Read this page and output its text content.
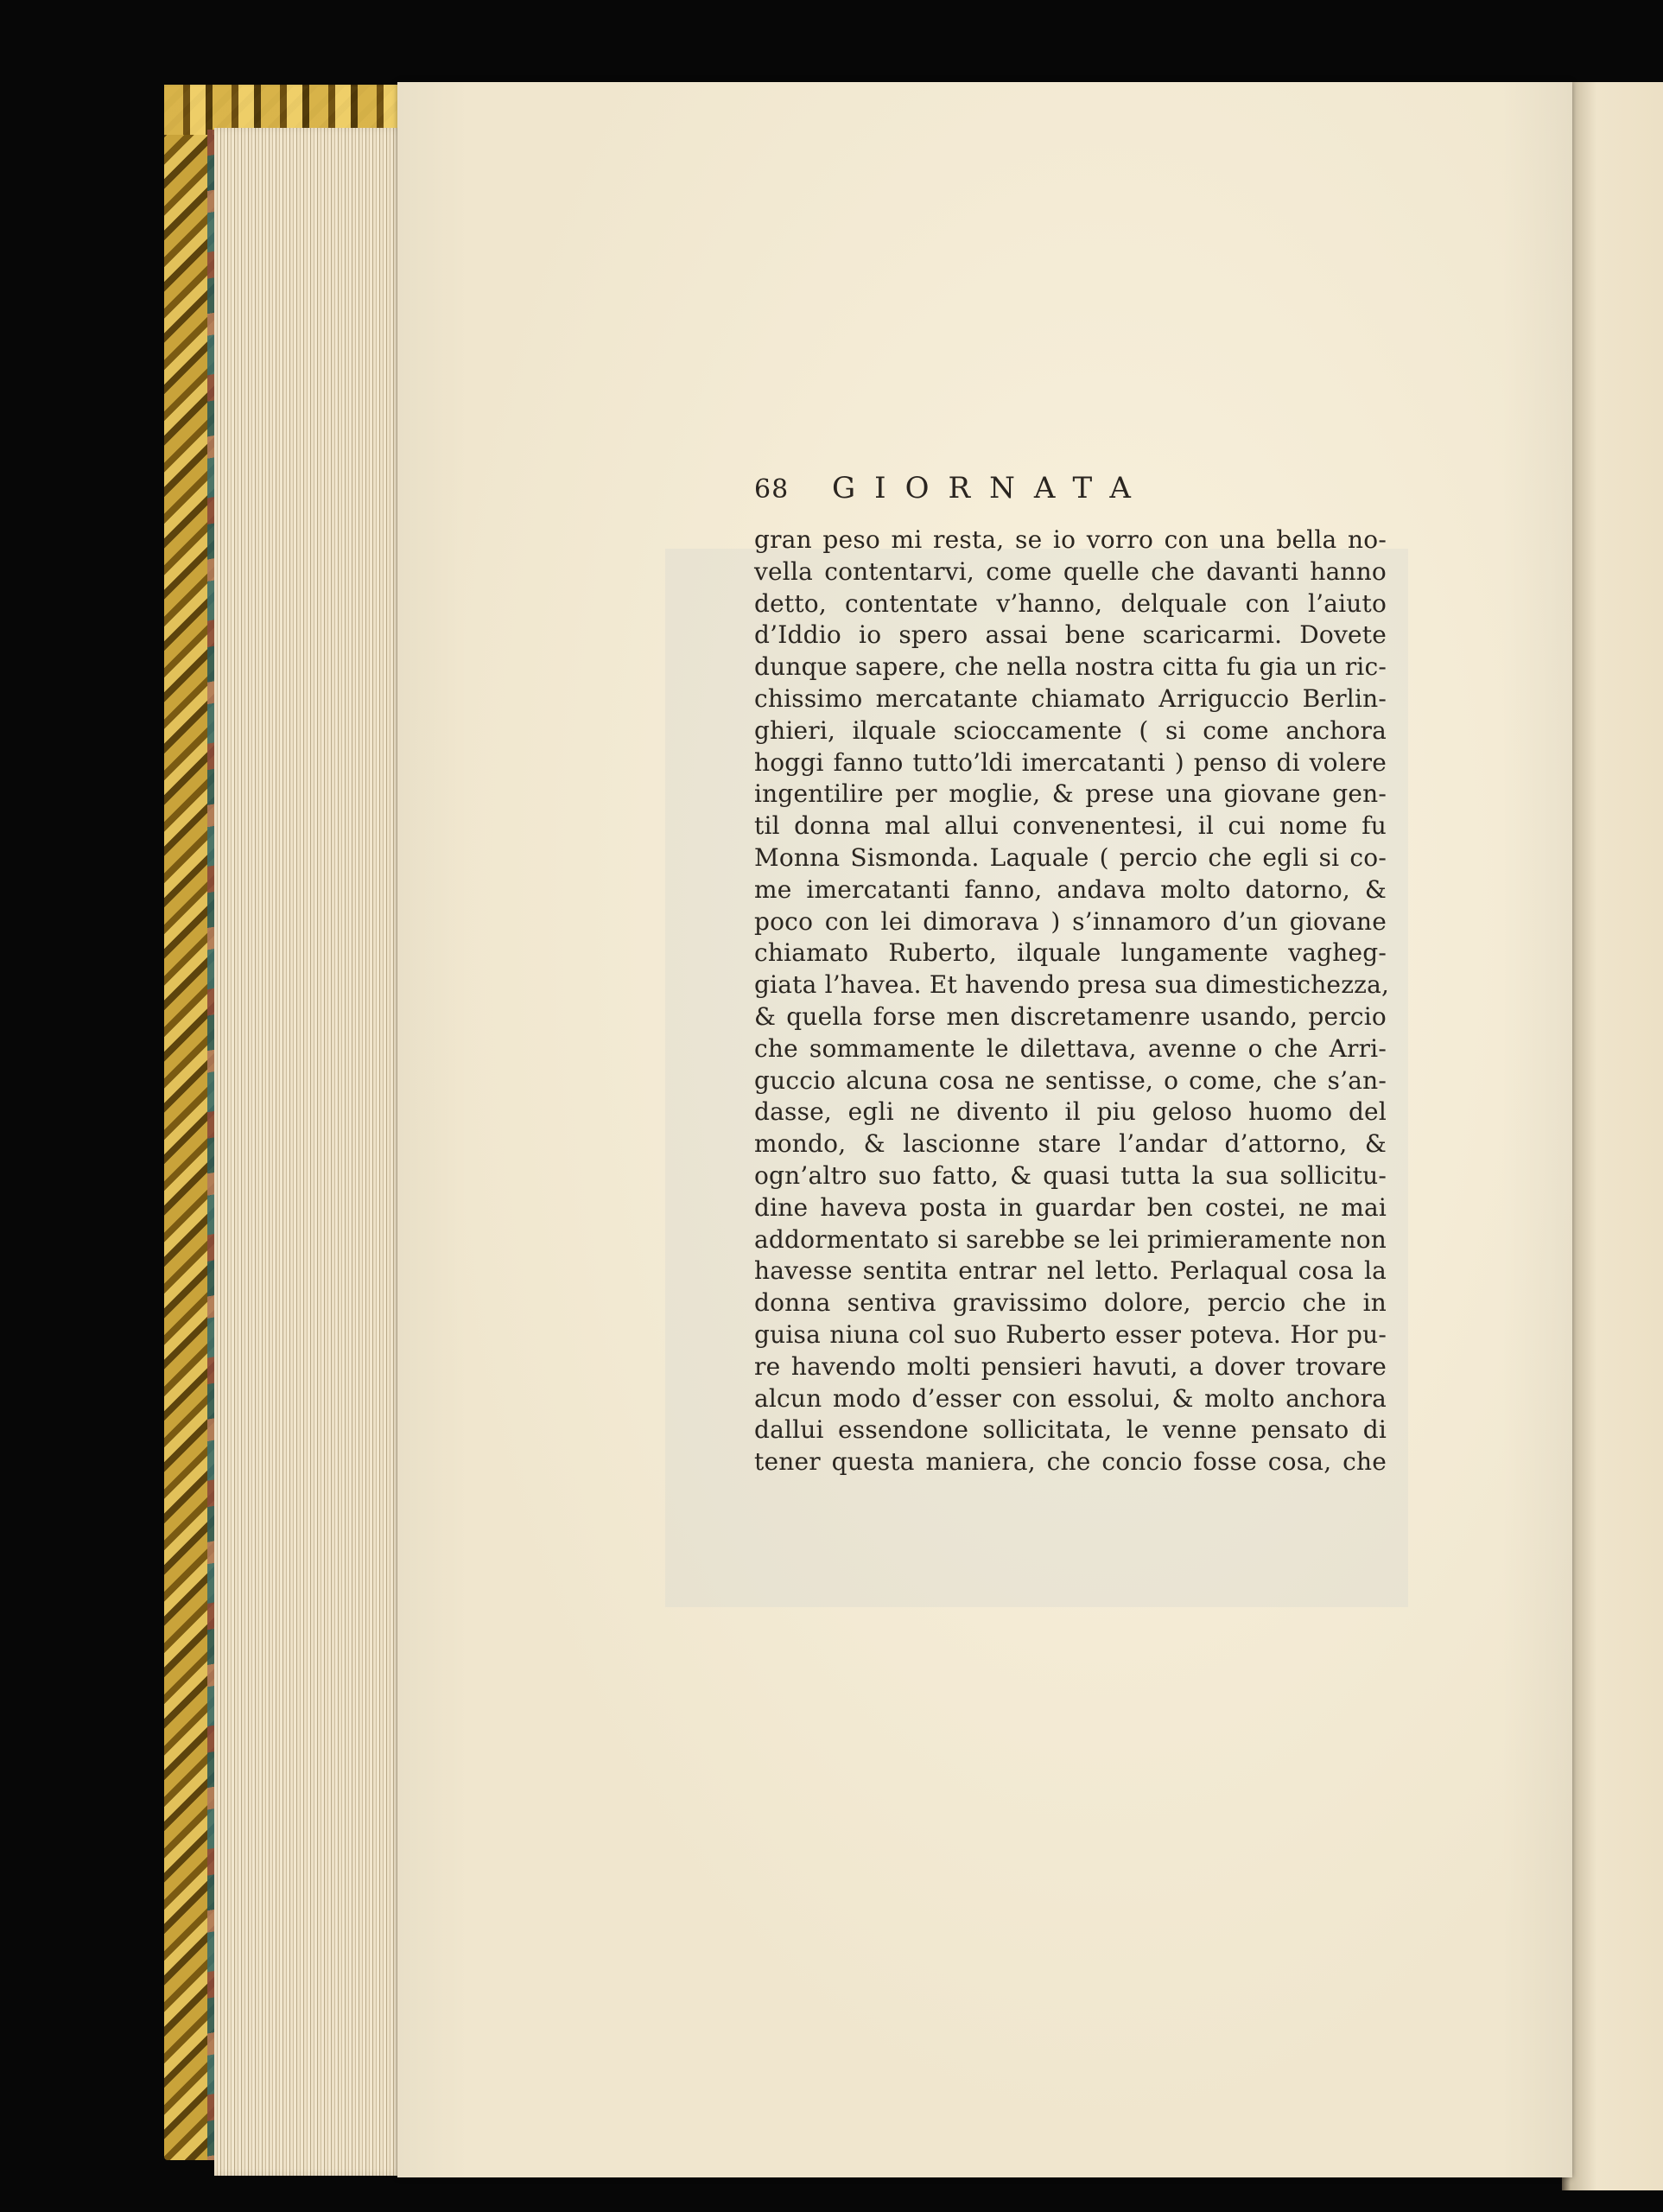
68	GIORNATA
gran peso mi resta, se io vorro con una bella no-
vella contentarvi, come quelle che davanti hanno
detto, contentate v’hanno, delquale con l’aiuto
d’Iddio io spero assai bene scaricarmi. Dovete
dunque sapere, che nella nostra citta fu gia un ric-
chissimo mercatante chiamato Arriguccio Berlin-
ghieri, ilquale scioccamente ( si come anchora
hoggi fanno tutto’ldi imercatanti ) penso di volere
ingentilire per moglie, & prese una giovane gen-
til donna mal allui convenentesi, il cui nome fu
Monna Sismonda. Laquale ( percio che egli si co-
me imercatanti fanno, andava molto datorno, &
poco con lei dimorava ) s’innamoro d’un giovane
chiamato Ruberto, ilquale lungamente vagheg-
giata l’havea. Et havendo presa sua dimestichezza,
& quella forse men discretamenre usando, percio
che sommamente le dilettava, avenne o che Arri-
guccio alcuna cosa ne sentisse, o come, che s’an-
dasse, egli ne divento il piu geloso huomo del
mondo, & lascionne stare l’andar d’attorno, &
ogn’altro suo fatto, & quasi tutta la sua sollicitu-
dine haveva posta in guardar ben costei, ne mai
addormentato si sarebbe se lei primieramente non
havesse sentita entrar nel letto. Perlaqual cosa la
donna sentiva gravissimo dolore, percio che in
guisa niuna col suo Ruberto esser poteva. Hor pu-
re havendo molti pensieri havuti, a dover trovare
alcun modo d’esser con essolui, & molto anchora
dallui essendone sollicitata, le venne pensato di
tener questa maniera, che concio fosse cosa, che
